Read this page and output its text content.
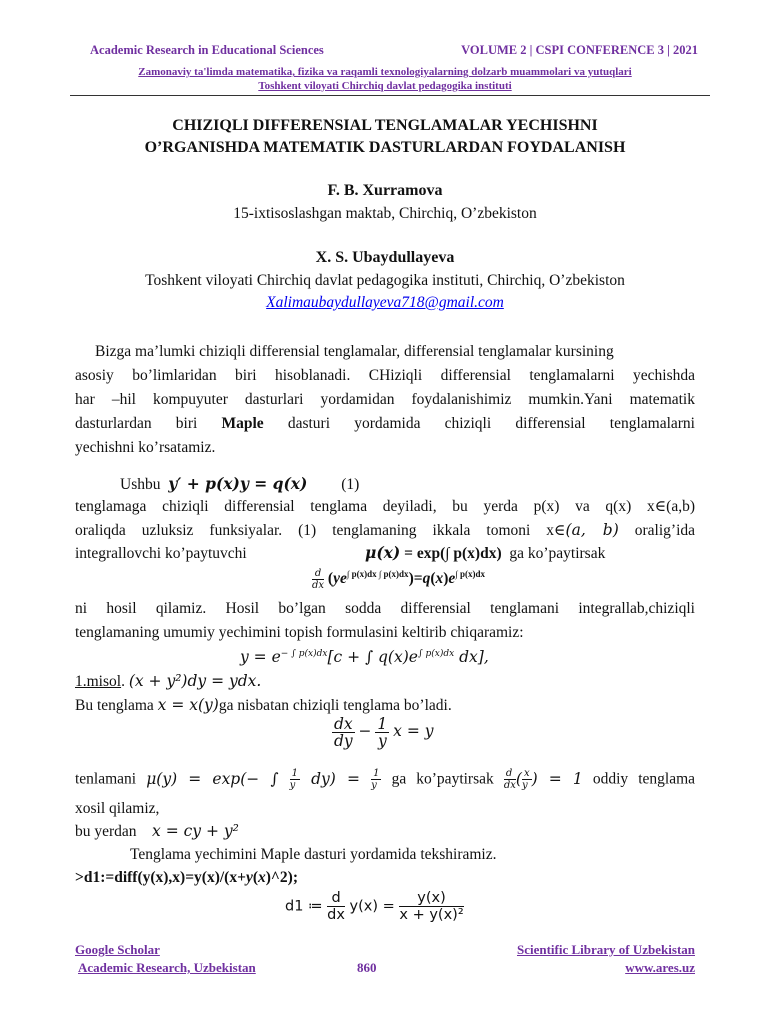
Academic Research in Educational Sciences	VOLUME 2 | CSPI CONFERENCE 3 | 2021
Zamonaviy ta'limda matematika, fizika va raqamli texnologiyalarning dolzarb muammolari va yutuqlari
Toshkent viloyati Chirchiq davlat pedagogika instituti
CHIZIQLI DIFFERENSIAL TENGLAMALAR YECHISHNI
O’RGANISHDA MATEMATIK DASTURLARDAN FOYDALANISH
F. B. Xurramova
15-ixtisoslashgan maktab, Chirchiq, O’zbekiston
X. S. Ubaydullayeva
Toshkent viloyati Chirchiq davlat pedagogika instituti, Chirchiq, O’zbekiston
Xalimaubaydullayeva718@gmail.com
Bizga ma’lumki chiziqli differensial tenglamalar, differensial tenglamalar kursining
asosiy bo’limlaridan biri hisoblanadi. CHiziqli differensial tenglamalarni yechishda
har –hil kompuyuter dasturlari yordamidan foydalanishimiz mumkin.Yani matematik
dasturlardan biri Maple dasturi yordamida chiziqli differensial tenglamalarni
yechishni ko’rsatamiz.
Ushbu y′ + p(x)y = q(x) (1)
tenglamaga chiziqli differensial tenglama deyiladi, bu yerda p(x) va q(x) x∈(a,b)
oraliqda uzluksiz funksiyalar. (1) tenglamaning ikkala tomoni x∈(a, b) oralig’ida
integrallovchi ko’paytuvchi	μ(x) = exp(∫ p(x)dx) ga ko’paytirsak
$\frac{d}{dx} (ye^{\int p(x)dx \int p(x)dx})=q(x)e^{\int p(x)dx}$
ni hosil qilamiz. Hosil bo’lgan sodda differensial tenglamani integrallab,chiziqli
tenglamaning umumiy yechimini topish formulasini keltirib chiqaramiz:
$y = e^{- \int p(x)dx}[c$ + ∫ $q(x)e^{\int p(x)dx}$ dx],
1.misol. (x + y²)dy = ydx.
Bu tenglama x = x(y)ga nisbatan chiziqli tenglama bo’ladi.
$\frac{dx}{dy} - \frac{1}{y}$ x = y
tenlamani μ(y) = exp(− ∫ $\frac{1}{y} dy) = \frac{1}{y}$ ga ko’paytirsak $\frac{d}{dx}$ ( $\frac{x}{y}$ ) = 1 oddiy tenglama
xosil qilamiz,
bu yerdan x = cy + y²
Tenglama yechimini Maple dasturi yordamida tekshiramiz.
>d1:=diff(y(x),x)=y(x)/(x+y(x)^2);
d1 ≔ $\frac{d}{dx} y(x) = \frac{y(x)}{\text{x + y(x)²}}$
Google Scholar
Academic Research, Uzbekistan	860
Scientific Library of Uzbekistan
www.ares.uz
